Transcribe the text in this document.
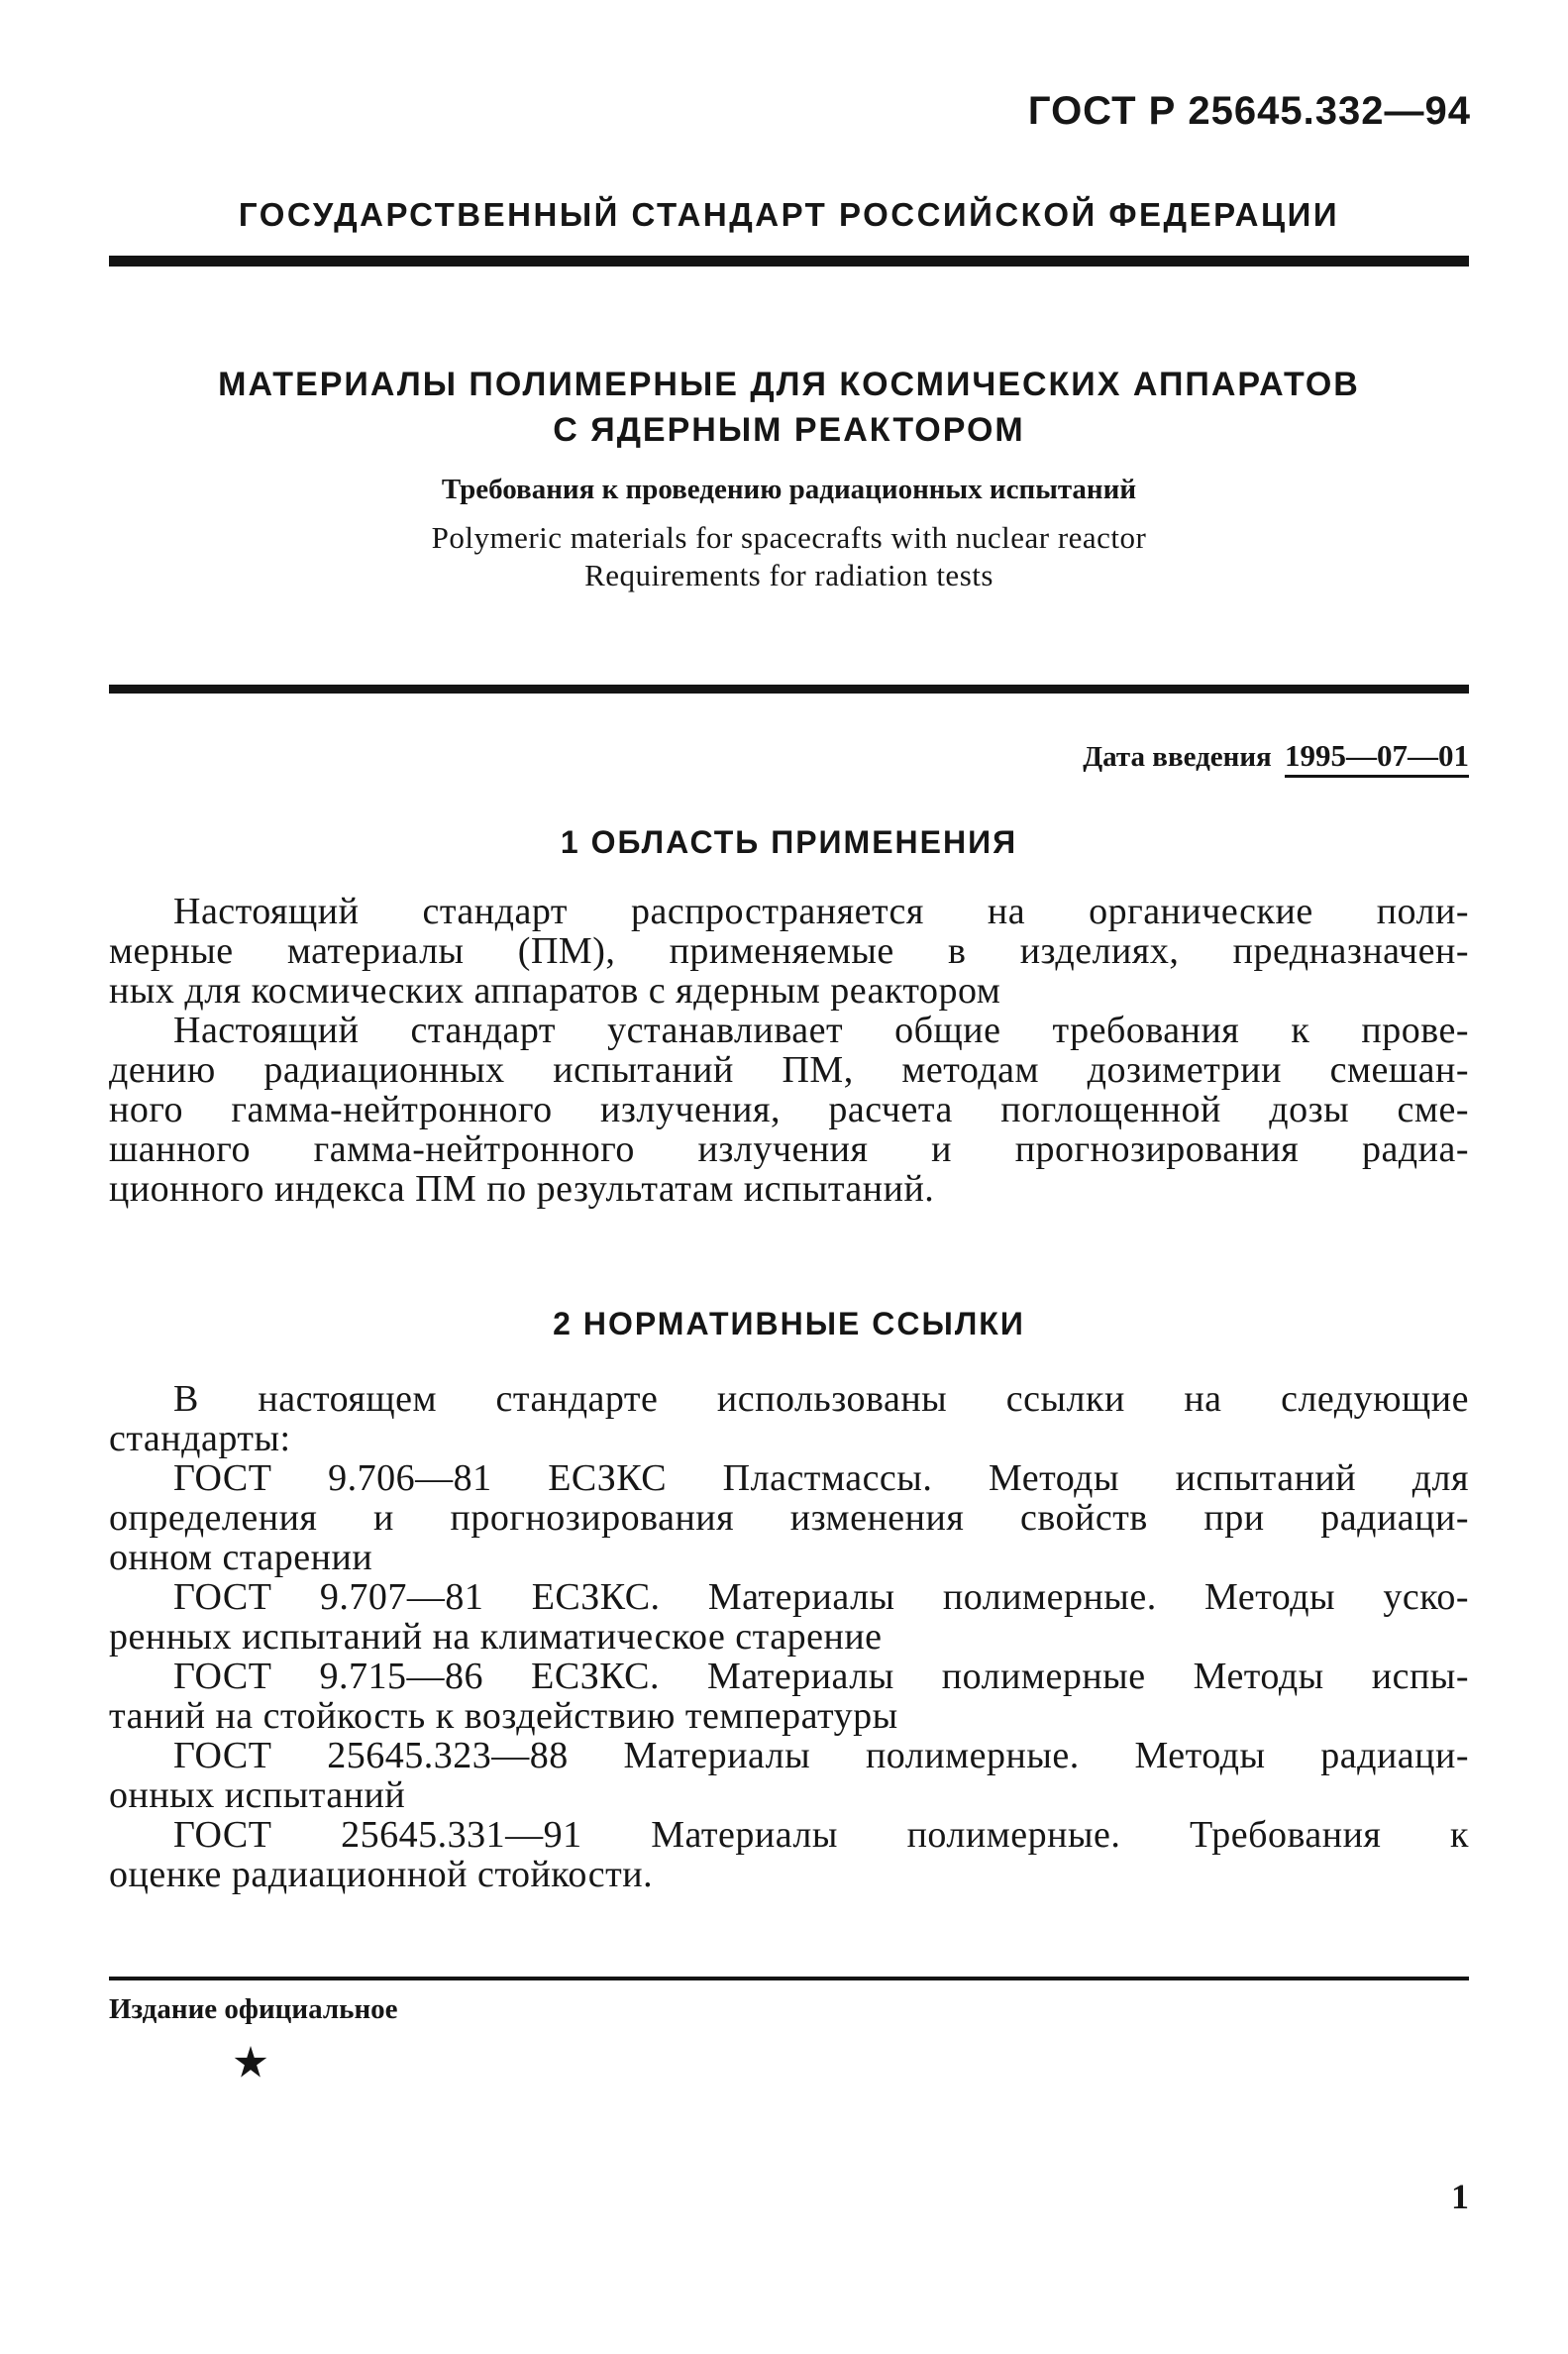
ГОСТ Р 25645.332—94
ГОСУДАРСТВЕННЫЙ СТАНДАРТ РОССИЙСКОЙ ФЕДЕРАЦИИ
МАТЕРИАЛЫ ПОЛИМЕРНЫЕ ДЛЯ КОСМИЧЕСКИХ АППАРАТОВ
С ЯДЕРНЫМ РЕАКТОРОМ
Требования к проведению радиационных испытаний
Polymeric materials for spacecrafts with nuclear reactor
Requirements for radiation tests
Дата введения 1995—07—01
1 ОБЛАСТЬ ПРИМЕНЕНИЯ
Настоящий стандарт распространяется на органические поли-
мерные материалы (ПМ), применяемые в изделиях, предназначен-
ных для космических аппаратов с ядерным реактором
Настоящий стандарт устанавливает общие требования к прове-
дению радиационных испытаний ПМ, методам дозиметрии смешан-
ного гамма-нейтронного излучения, расчета поглощенной дозы сме-
шанного гамма-нейтронного излучения и прогнозирования радиа-
ционного индекса ПМ по результатам испытаний.
2 НОРМАТИВНЫЕ ССЫЛКИ
В настоящем стандарте использованы ссылки на следующие
стандарты:
ГОСТ 9.706—81 ЕСЗКС Пластмассы. Методы испытаний для
определения и прогнозирования изменения свойств при радиаци-
онном старении
ГОСТ 9.707—81 ЕСЗКС. Материалы полимерные. Методы уско-
ренных испытаний на климатическое старение
ГОСТ 9.715—86 ЕСЗКС. Материалы полимерные Методы испы-
таний на стойкость к воздействию температуры
ГОСТ 25645.323—88 Материалы полимерные. Методы радиаци-
онных испытаний
ГОСТ 25645.331—91 Материалы полимерные. Требования к
оценке радиационной стойкости.
Издание официальное
1
